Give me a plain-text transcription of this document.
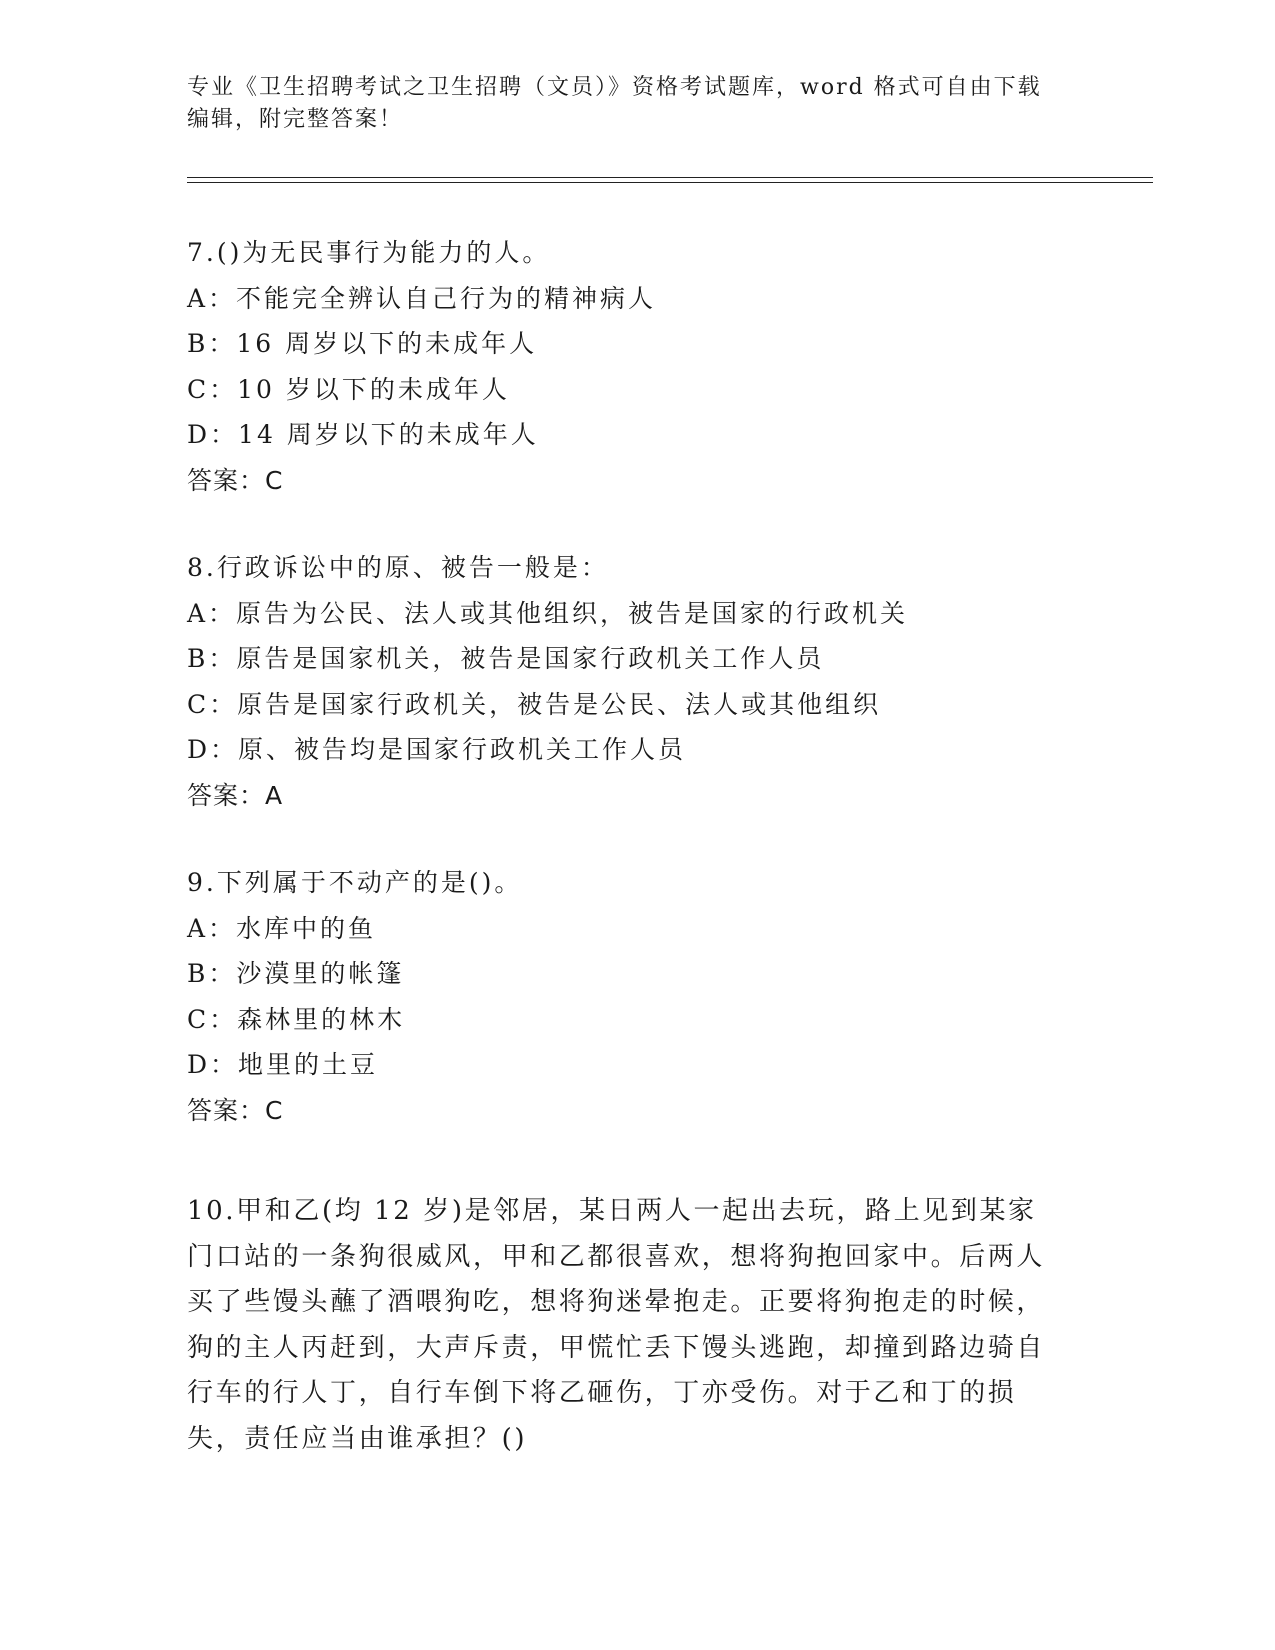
专业《卫生招聘考试之卫生招聘（文员）》资格考试题库，word 格式可自由下载
编辑，附完整答案！
7.()为无民事行为能力的人。
A：不能完全辨认自己行为的精神病人
B：16 周岁以下的未成年人
C：10 岁以下的未成年人
D：14 周岁以下的未成年人
答案：C
8.行政诉讼中的原、被告一般是：
A：原告为公民、法人或其他组织，被告是国家的行政机关
B：原告是国家机关，被告是国家行政机关工作人员
C：原告是国家行政机关，被告是公民、法人或其他组织
D：原、被告均是国家行政机关工作人员
答案：A
9.下列属于不动产的是()。
A：水库中的鱼
B：沙漠里的帐篷
C：森林里的林木
D：地里的土豆
答案：C
10.甲和乙(均 12 岁)是邻居，某日两人一起出去玩，路上见到某家门口站的一条狗很威风，甲和乙都很喜欢，想将狗抱回家中。后两人买了些馒头蘸了酒喂狗吃，想将狗迷晕抱走。正要将狗抱走的时候，狗的主人丙赶到，大声斥责，甲慌忙丢下馒头逃跑，却撞到路边骑自行车的行人丁，自行车倒下将乙砸伤，丁亦受伤。对于乙和丁的损失，责任应当由谁承担？()
